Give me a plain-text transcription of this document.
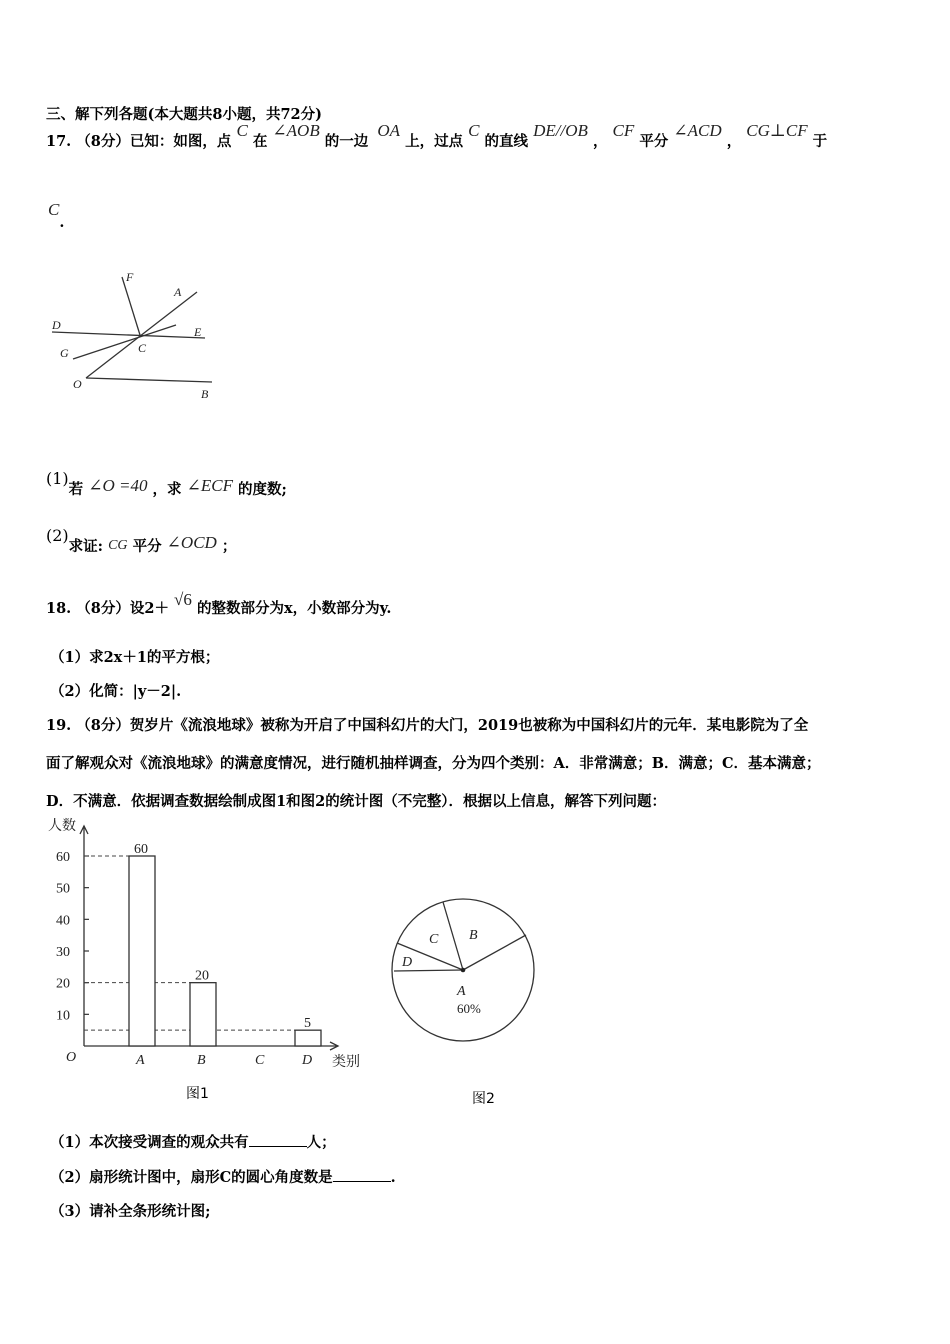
三、解下列各题(本大题共8小题，共72分)
17. （8分）已知：如图，点 C 在 ∠AOB 的一边 OA 上，过点 C 的直线 DE//OB ， CF 平分 ∠ACD ， CG⊥CF 于
C.
F
A
D	E
G	C
O
B
(1)若 ∠O =40 ，求 ∠ECF 的度数;
(2)求证: CG 平分 ∠OCD ；
18. （8分）设2＋ √6 的整数部分为x，小数部分为y.
（1）求2x＋1的平方根；
（2）化简：|y－2|.
19. （8分）贺岁片《流浪地球》被称为开启了中国科幻片的大门，2019也被称为中国科幻片的元年．某电影院为了全
面了解观众对《流浪地球》的满意度情况，进行随机抽样调查，分为四个类别：A．非常满意；B．满意；C．基本满意；
D．不满意．依据调查数据绘制成图1和图2的统计图（不完整）．根据以上信息，解答下列问题：
人数
类别
O
10
20
30
40
50
60
60
20
5
A	B	C	D
图1
C B
D
A
60%
图2
（1）本次接受调查的观众共有	人；
（2）扇形统计图中，扇形C的圆心角度数是	.
（3）请补全条形统计图;
